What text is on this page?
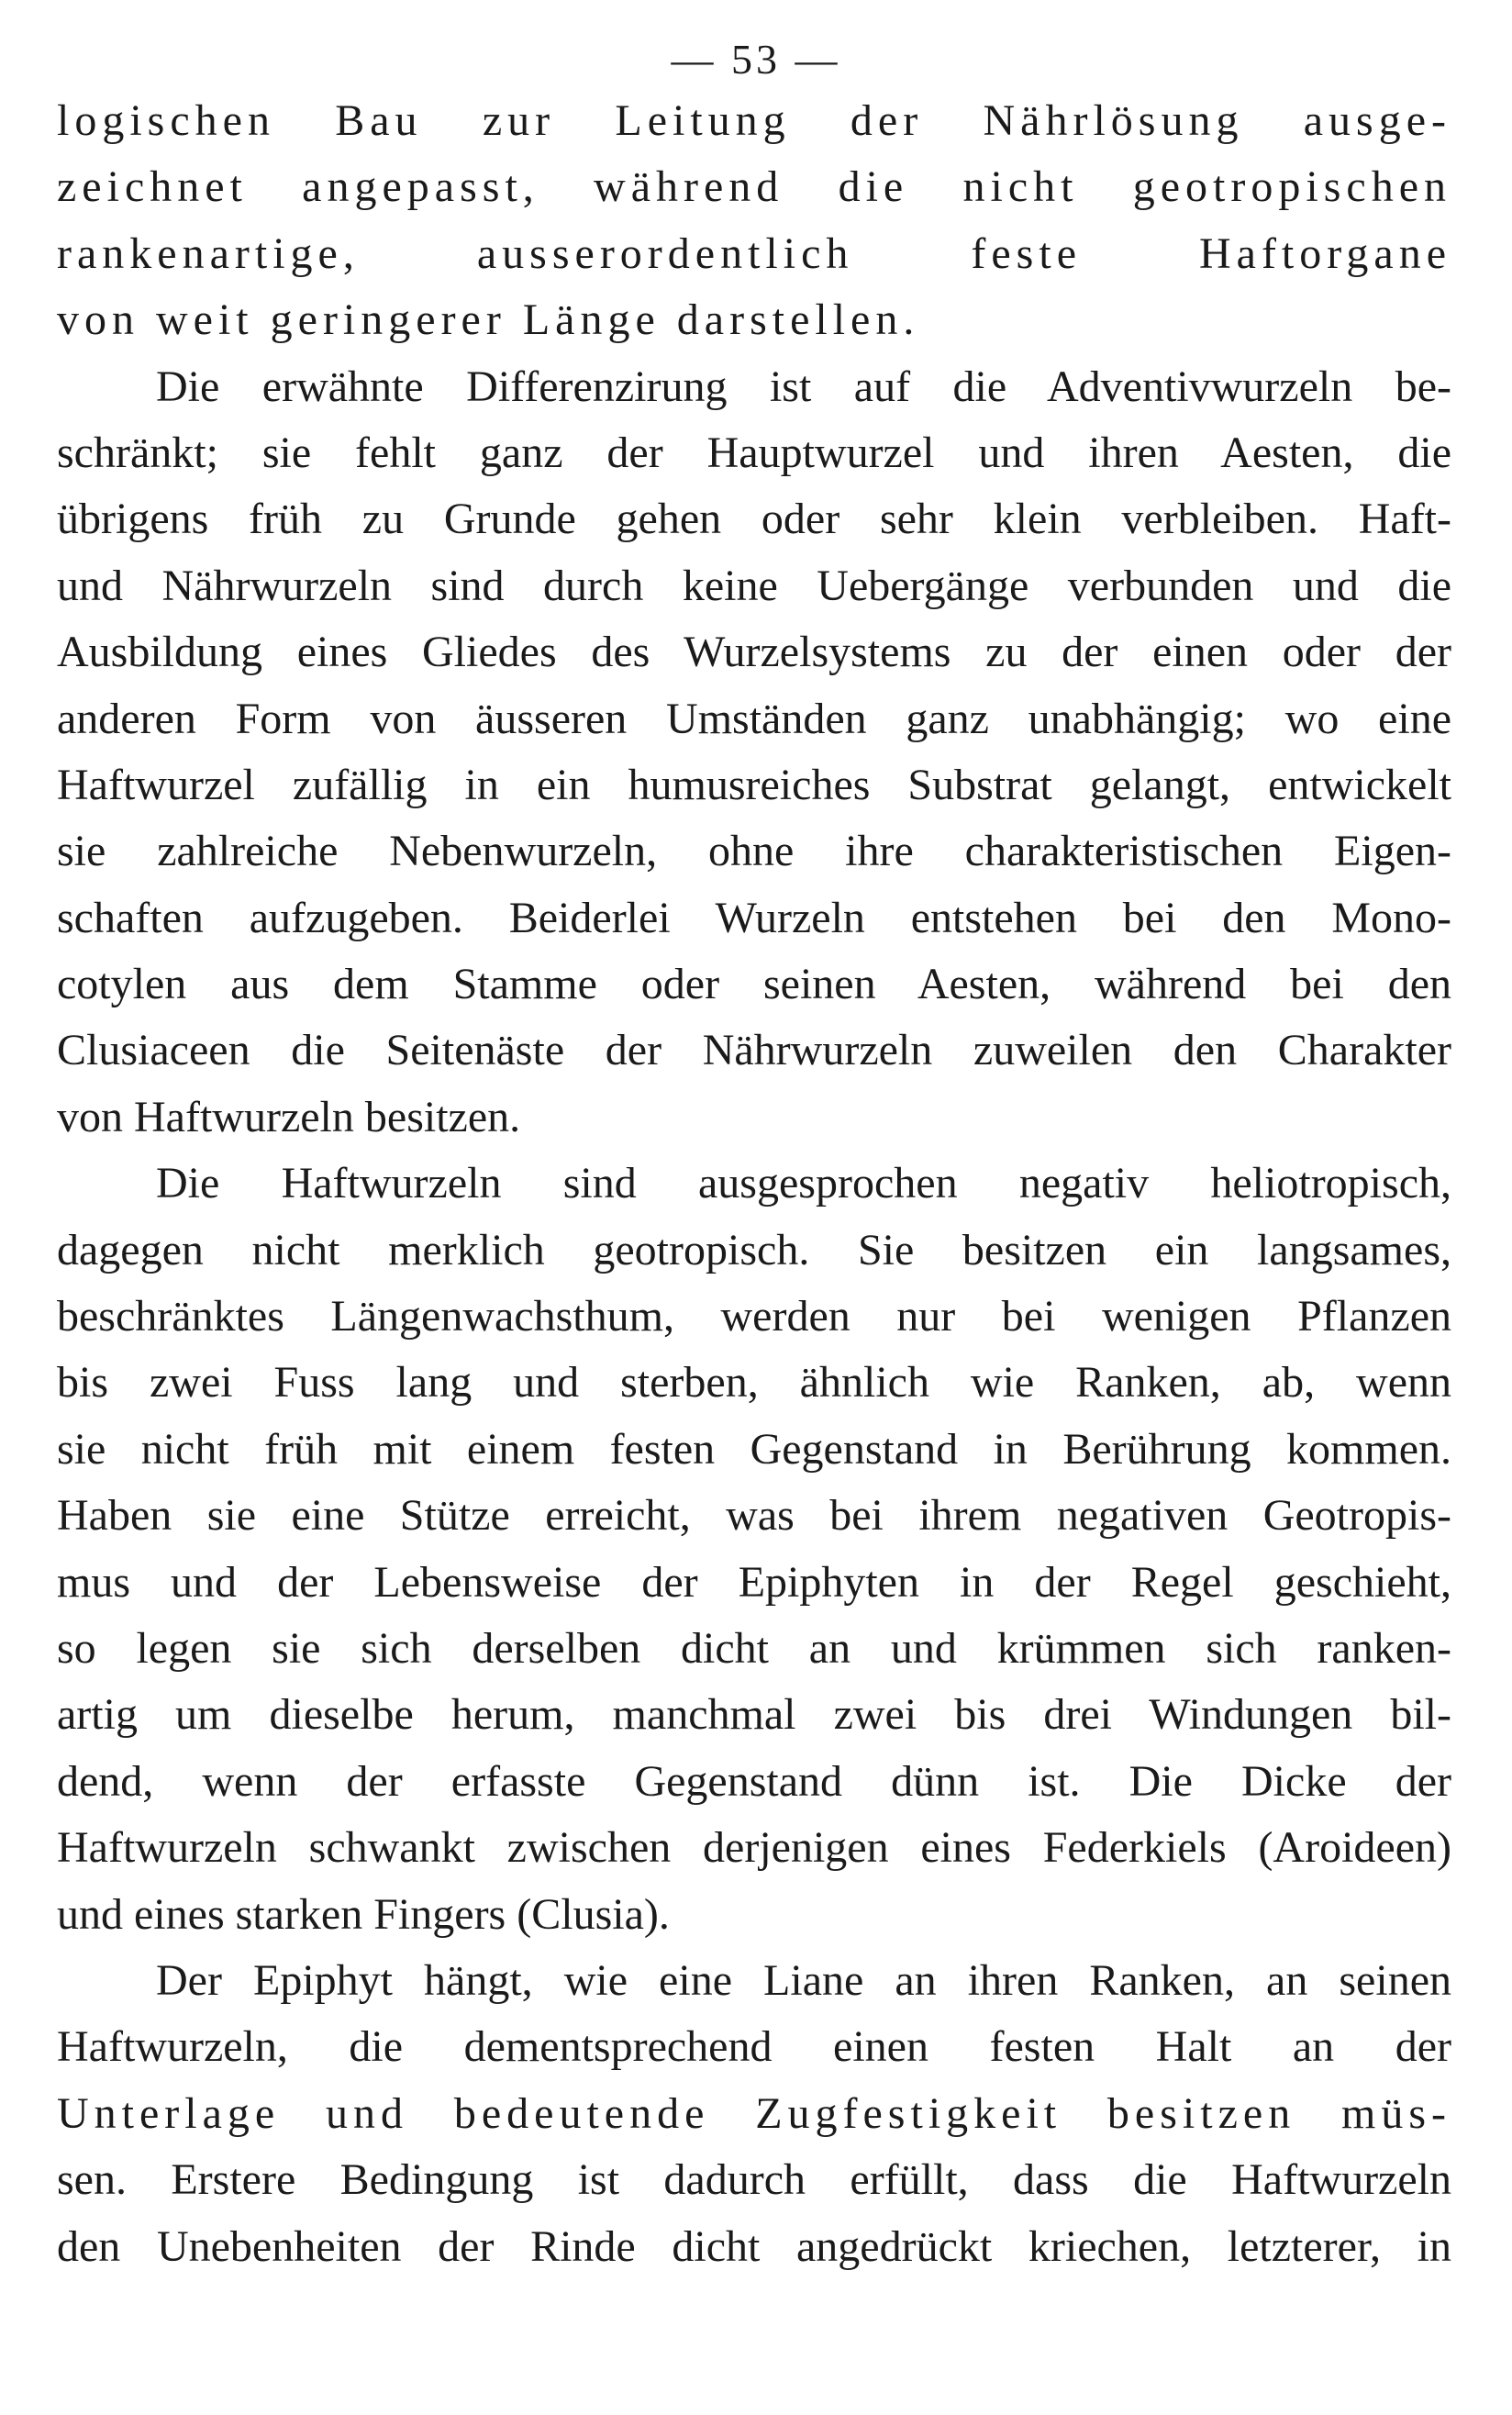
— 53 —
logischen Bau zur Leitung der Nährlösung ausge-
zeichnet angepasst, während die nicht geotropischen
rankenartige, ausserordentlich feste Haftorgane
von weit geringerer Länge darstellen.
Die erwähnte Differenzirung ist auf die Adventivwurzeln be-
schränkt; sie fehlt ganz der Hauptwurzel und ihren Aesten, die
übrigens früh zu Grunde gehen oder sehr klein verbleiben. Haft-
und Nährwurzeln sind durch keine Uebergänge verbunden und die
Ausbildung eines Gliedes des Wurzelsystems zu der einen oder der
anderen Form von äusseren Umständen ganz unabhängig; wo eine
Haftwurzel zufällig in ein humusreiches Substrat gelangt, entwickelt
sie zahlreiche Nebenwurzeln, ohne ihre charakteristischen Eigen-
schaften aufzugeben. Beiderlei Wurzeln entstehen bei den Mono-
cotylen aus dem Stamme oder seinen Aesten, während bei den
Clusiaceen die Seitenäste der Nährwurzeln zuweilen den Charakter
von Haftwurzeln besitzen.
Die Haftwurzeln sind ausgesprochen negativ heliotropisch,
dagegen nicht merklich geotropisch. Sie besitzen ein langsames,
beschränktes Längenwachsthum, werden nur bei wenigen Pflanzen
bis zwei Fuss lang und sterben, ähnlich wie Ranken, ab, wenn
sie nicht früh mit einem festen Gegenstand in Berührung kommen.
Haben sie eine Stütze erreicht, was bei ihrem negativen Geotropis-
mus und der Lebensweise der Epiphyten in der Regel geschieht,
so legen sie sich derselben dicht an und krümmen sich ranken-
artig um dieselbe herum, manchmal zwei bis drei Windungen bil-
dend, wenn der erfasste Gegenstand dünn ist. Die Dicke der
Haftwurzeln schwankt zwischen derjenigen eines Federkiels (Aroideen)
und eines starken Fingers (Clusia).
Der Epiphyt hängt, wie eine Liane an ihren Ranken, an seinen
Haftwurzeln, die dementsprechend einen festen Halt an der
Unterlage und bedeutende Zugfestigkeit besitzen müs-
sen. Erstere Bedingung ist dadurch erfüllt, dass die Haftwurzeln
den Unebenheiten der Rinde dicht angedrückt kriechen, letzterer, in
